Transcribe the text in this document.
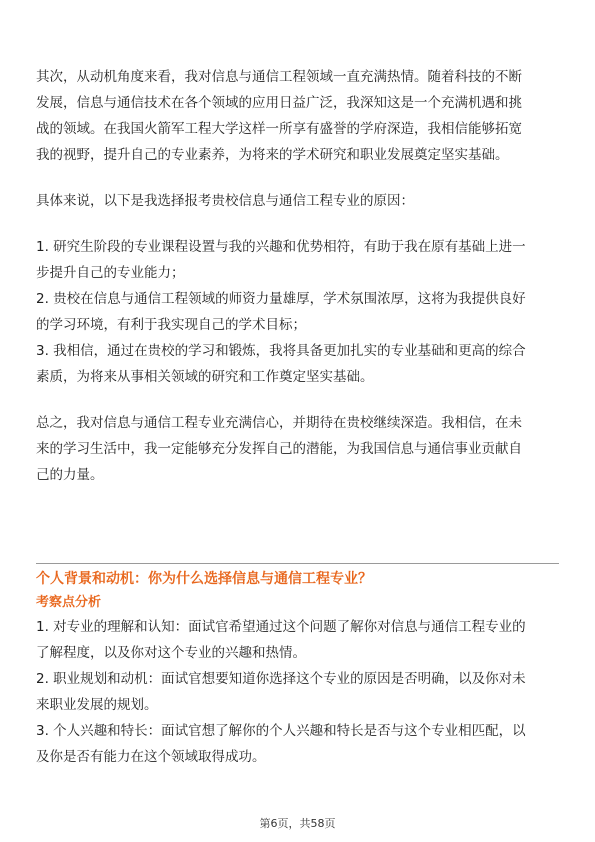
其次，从动机角度来看，我对信息与通信工程领域一直充满热情。随着科技的不断

发展，信息与通信技术在各个领域的应用日益广泛，我深知这是一个充满机遇和挑

战的领域。在我国火箭军工程大学这样一所享有盛誉的学府深造，我相信能够拓宽

我的视野，提升自己的专业素养，为将来的学术研究和职业发展奠定坚实基础。

具体来说，以下是我选择报考贵校信息与通信工程专业的原因：

1. 研究生阶段的专业课程设置与我的兴趣和优势相符，有助于我在原有基础上进一

步提升自己的专业能力；

2. 贵校在信息与通信工程领域的师资力量雄厚，学术氛围浓厚，这将为我提供良好

的学习环境，有利于我实现自己的学术目标；

3. 我相信，通过在贵校的学习和锻炼，我将具备更加扎实的专业基础和更高的综合

素质，为将来从事相关领域的研究和工作奠定坚实基础。

总之，我对信息与通信工程专业充满信心，并期待在贵校继续深造。我相信，在未

来的学习生活中，我一定能够充分发挥自己的潜能，为我国信息与通信事业贡献自

己的力量。

个人背景和动机：你为什么选择信息与通信工程专业？

考察点分析

1. 对专业的理解和认知：面试官希望通过这个问题了解你对信息与通信工程专业的

了解程度，以及你对这个专业的兴趣和热情。

2. 职业规划和动机：面试官想要知道你选择这个专业的原因是否明确，以及你对未

来职业发展的规划。

3. 个人兴趣和特长：面试官想了解你的个人兴趣和特长是否与这个专业相匹配，以

及你是否有能力在这个领域取得成功。

第6页，共58页
